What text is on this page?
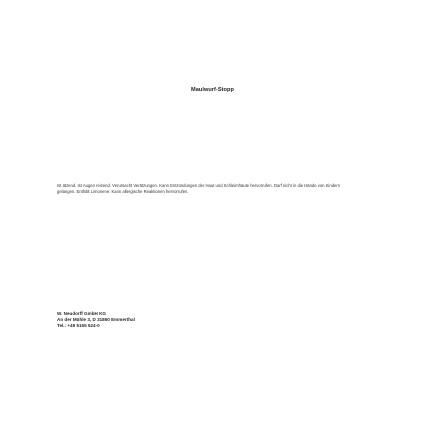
Maulwurf-Stopp
Ist ätzend. Ist Augen reizend. Verursacht Verätzungen. Kann Entzündungen der Haut und Schleimhäute hervorrufen. Darf nicht in die Hände von Kindern
gelangen. Enthält Limonene. Kann allergische Reaktionen hervorrufen.
W. Neudorff GmbH KG
An der Mühle 3, D 31860 Emmerthal
Tel.: +49 5155 624-0
